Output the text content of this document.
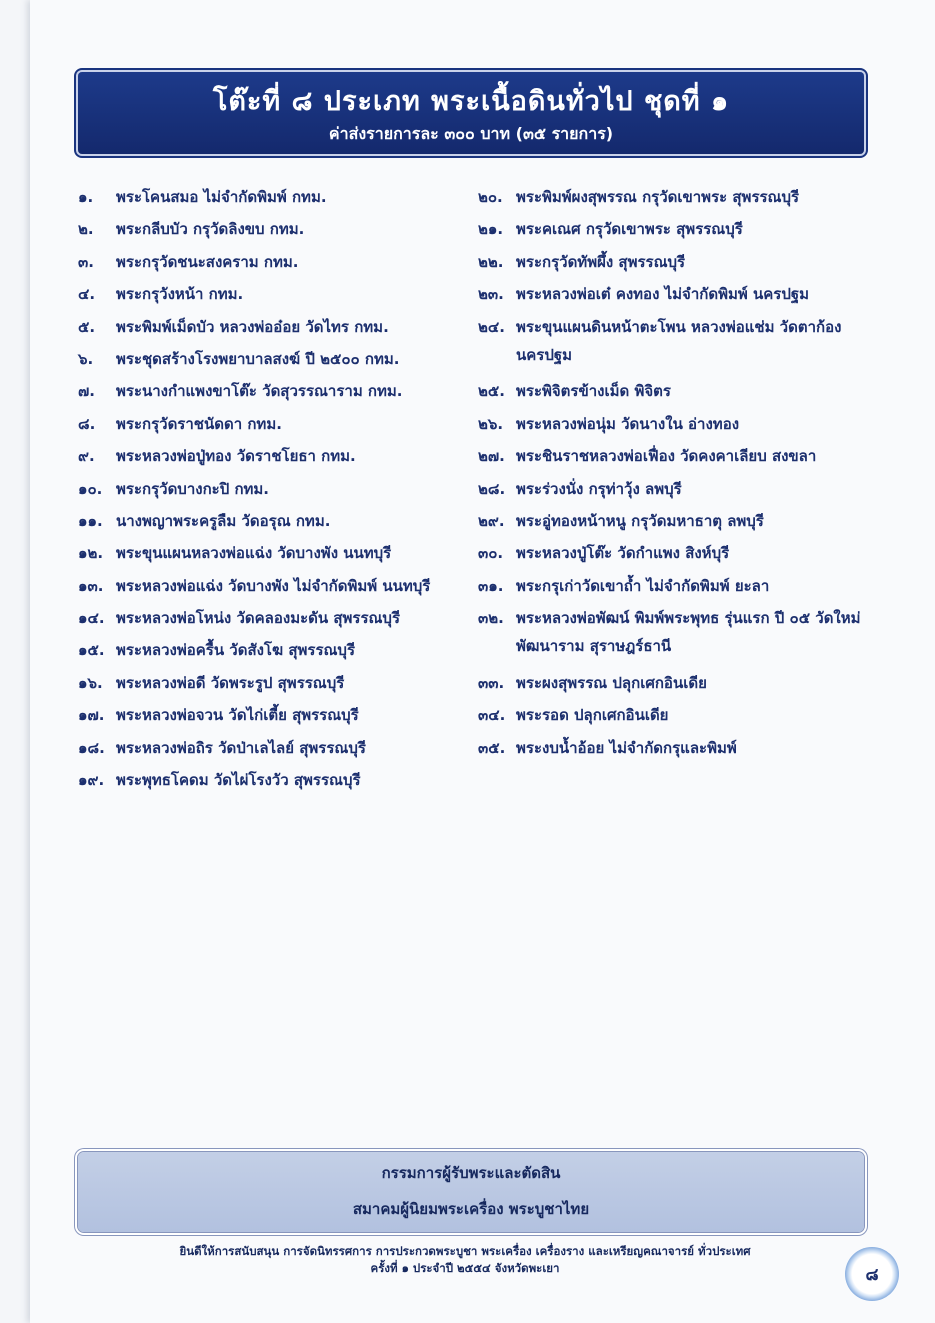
โต๊ะที่ ๘ ประเภท พระเนื้อดินทั่วไป ชุดที่ ๑
ค่าส่งรายการละ ๓๐๐ บาท (๓๕ รายการ)
๑.	พระโคนสมอ ไม่จำกัดพิมพ์ กทม.
๒.	พระกลีบบัว กรุวัดลิงขบ กทม.
๓.	พระกรุวัดชนะสงคราม กทม.
๔.	พระกรุวังหน้า กทม.
๕.	พระพิมพ์เม็ดบัว หลวงพ่ออ๋อย วัดไทร กทม.
๖.	พระชุดสร้างโรงพยาบาลสงฆ์ ปี ๒๕๐๐ กทม.
๗.	พระนางกำแพงขาโต๊ะ วัดสุวรรณาราม กทม.
๘.	พระกรุวัดราชนัดดา กทม.
๙.	พระหลวงพ่อปู่ทอง วัดราชโยธา กทม.
๑๐. พระกรุวัดบางกะปิ กทม.
๑๑. นางพญาพระครูลืม วัดอรุณ กทม.
๑๒. พระขุนแผนหลวงพ่อแฉ่ง วัดบางพัง นนทบุรี
๑๓. พระหลวงพ่อแฉ่ง วัดบางพัง ไม่จำกัดพิมพ์ นนทบุรี
๑๔. พระหลวงพ่อโหน่ง วัดคลองมะดัน สุพรรณบุรี
๑๕. พระหลวงพ่อครื้น วัดสังโฆ สุพรรณบุรี
๑๖. พระหลวงพ่อดี วัดพระรูป สุพรรณบุรี
๑๗. พระหลวงพ่อจวน วัดไก่เตี้ย สุพรรณบุรี
๑๘. พระหลวงพ่อถิร วัดป่าเลไลย์ สุพรรณบุรี
๑๙. พระพุทธโคดม วัดไผ่โรงวัว สุพรรณบุรี
๒๐. พระพิมพ์ผงสุพรรณ กรุวัดเขาพระ สุพรรณบุรี
๒๑. พระคเณศ กรุวัดเขาพระ สุพรรณบุรี
๒๒. พระกรุวัดทัพผึ้ง สุพรรณบุรี
๒๓. พระหลวงพ่อเต๋ คงทอง ไม่จำกัดพิมพ์ นครปฐม
๒๔. พระขุนแผนดินหน้าตะโพน หลวงพ่อแช่ม วัดตาก้อง นครปฐม
๒๕. พระพิจิตรข้างเม็ด พิจิตร
๒๖. พระหลวงพ่อนุ่ม วัดนางใน อ่างทอง
๒๗. พระชินราชหลวงพ่อเฟื่อง วัดคงคาเลียบ สงขลา
๒๘. พระร่วงนั่ง กรุท่าวุ้ง ลพบุรี
๒๙. พระอู่ทองหน้าหนู กรุวัดมหาธาตุ ลพบุรี
๓๐. พระหลวงปู่โต๊ะ วัดกำแพง สิงห์บุรี
๓๑. พระกรุเก่าวัดเขาถ้ำ ไม่จำกัดพิมพ์ ยะลา
๓๒. พระหลวงพ่อพัฒน์ พิมพ์พระพุทธ รุ่นแรก ปี ๐๕ วัดใหม่พัฒนาราม สุราษฎร์ธานี
๓๓. พระผงสุพรรณ ปลุกเศกอินเดีย
๓๔. พระรอด ปลุกเศกอินเดีย
๓๕. พระงบน้ำอ้อย ไม่จำกัดกรุและพิมพ์
กรรมการผู้รับพระและตัดสิน
สมาคมผู้นิยมพระเครื่อง พระบูชาไทย
ยินดีให้การสนับสนุน การจัดนิทรรศการ การประกวดพระบูชา พระเครื่อง เครื่องราง และเหรียญคณาจารย์ ทั่วประเทศ
ครั้งที่ ๑ ประจำปี ๒๕๕๔ จังหวัดพะเยา	๘
